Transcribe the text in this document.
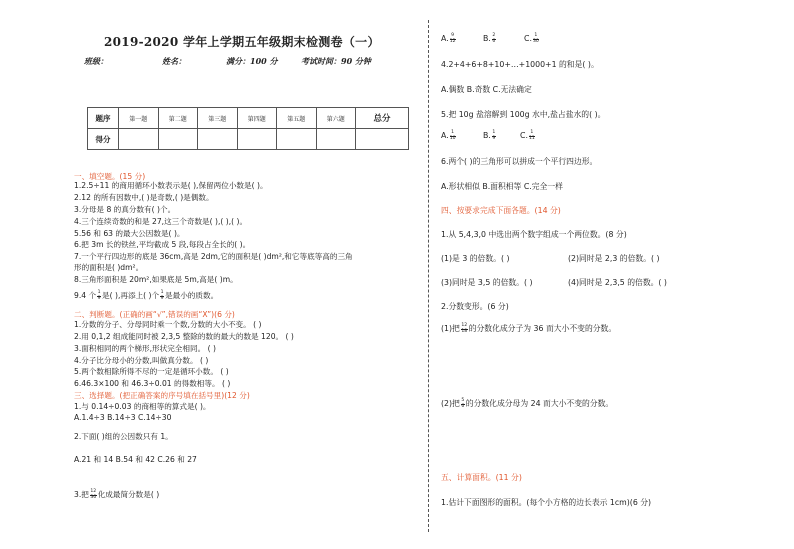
2019-2020 学年上学期五年级期末检测卷（一）
班级：	姓名：	满分：100 分	考试时间：90 分钟
题序	第一题	第二题	第三题	第四题	第五题	第六题	总分
得分							
一、填空题。(15 分)
1.2.5÷11 的商用循环小数表示是( ),保留两位小数是( )。
2.12 的所有因数中,( )是奇数,( )是偶数。
3.分母是 8 的真分数有( )个。
4.三个连续奇数的和是 27,这三个奇数是( ),( ),( )。
5.56 和 63 的最大公因数是( )。
6.把 3m 长的铁丝,平均截成 5 段,每段占全长的( )。
7.一个平行四边形的底是 36cm,高是 2dm,它的面积是( )dm²,和它等底等高的三角
形的面积是( )dm²。
8.三角形面积是 20m²,如果底是 5m,高是( )m。
9.4 个 $\frac{1}{9}$ 是( ),再添上( )个 $\frac{1}{9}$ 是最小的质数。
二、判断题。(正确的画“√”,错误的画“X”)(6 分)
1.分数的分子、分母同时乘一个数,分数的大小不变。 ( )
2.用 0,1,2 组成能同时被 2,3,5 整除的数的最大的数是 120。 ( )
3.面积相同的两个梯形,形状完全相同。 ( )
4.分子比分母小的分数,叫做真分数。 ( )
5.两个数相除所得不尽的一定是循环小数。 ( )
6.46.3×100 和 46.3÷0.01 的得数相等。 ( )
三、选择题。(把正确答案的序号填在括号里)(12 分)
1.与 0.14÷0.03 的商相等的算式是( )。
A.1.4÷3 B.14÷3 C.14÷30
2.下面( )组的公因数只有 1。
A.21 和 14 B.54 和 42 C.26 和 27
3.把 $\frac{12}{36}$ 化成最简分数是( )
A. $\frac{9}{12}$	B. $\frac{2}{6}$	C. $\frac{1}{30}$
4.2+4+6+8+10+…+1000+1 的和是( )。
A.偶数 B.奇数 C.无法确定
5.把 10g 盐溶解到 100g 水中,盐占盐水的( )。
A. $\frac{1}{10}$	B. $\frac{1}{9}$	C. $\frac{1}{11}$
6.两个( )的三角形可以拼成一个平行四边形。
A.形状相似 B.面积相等 C.完全一样
四、按要求完成下面各题。(14 分)
1.从 5,4,3,0 中选出两个数字组成一个两位数。(8 分)
(1)是 3 的倍数。( )	(2)同时是 2,3 的倍数。( )
(3)同时是 3,5 的倍数。( )	(4)同时是 2,3,5 的倍数。( )
2.分数变形。(6 分)
(1)把 $\frac{12}{18}$ 的分数化成分子为 36 而大小不变的分数。
(2)把 $\frac{5}{6}$ 的分数化成分母为 24 而大小不变的分数。
五、计算面积。(11 分)
1.估计下面图形的面积。(每个小方格的边长表示 1cm)(6 分)
